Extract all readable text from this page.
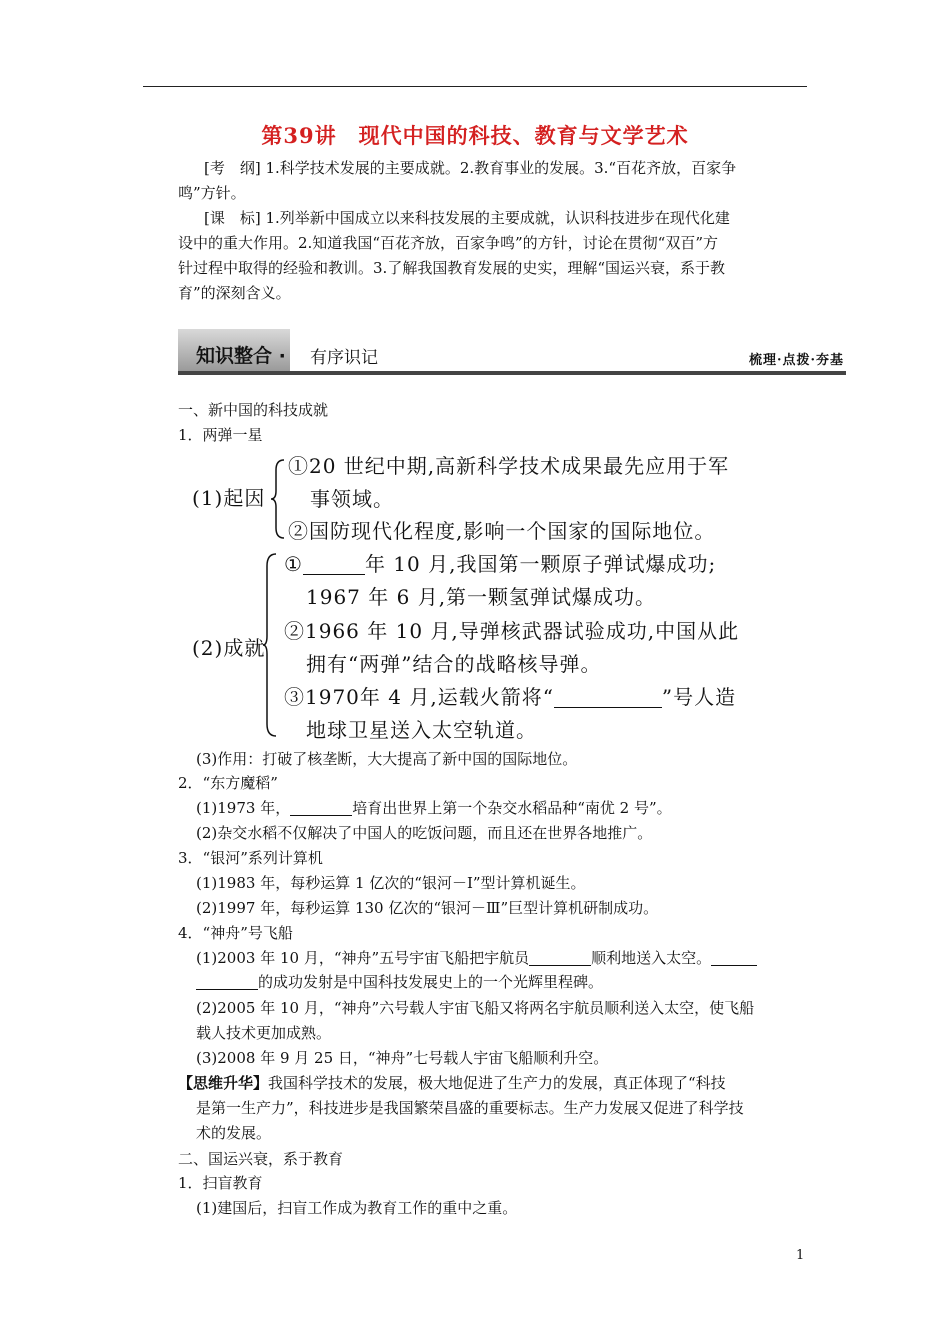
第39讲　现代中国的科技、教育与文学艺术
[考　纲] 1.科学技术发展的主要成就。2.教育事业的发展。3.“百花齐放，百家争
鸣”方针。
[课　标] 1.列举新中国成立以来科技发展的主要成就，认识科技进步在现代化建
设中的重大作用。2.知道我国“百花齐放，百家争鸣”的方针，讨论在贯彻“双百”方
针过程中取得的经验和教训。3.了解我国教育发展的史实，理解“国运兴衰，系于教
育”的深刻含义。
知识整合 · 有序识记	梳理·点拨·夯基
一、新中国的科技成就
1．两弹一星
(1)起因
①20 世纪中期,高新科学技术成果最先应用于军
事领域。
②国防现代化程度,影响一个国家的国际地位。
(2)成就
①	年 10 月,我国第一颗原子弹试爆成功;
1967 年 6 月,第一颗氢弹试爆成功。
②1966 年 10 月,导弹核武器试验成功,中国从此
拥有“两弹”结合的战略核导弹。
③1970年 4 月,运载火箭将“	”号人造
地球卫星送入太空轨道。
(3)作用：打破了核垄断，大大提高了新中国的国际地位。
2．“东方魔稻”
(1)1973 年，	培育出世界上第一个杂交水稻品种“南优 2 号”。
(2)杂交水稻不仅解决了中国人的吃饭问题，而且还在世界各地推广。
3．“银河”系列计算机
(1)1983 年，每秒运算 1 亿次的“银河－Ⅰ”型计算机诞生。
(2)1997 年，每秒运算 130 亿次的“银河－Ⅲ”巨型计算机研制成功。
4．“神舟”号飞船
(1)2003 年 10 月，“神舟”五号宇宙飞船把宇航员	顺利地送入太空。
的成功发射是中国科技发展史上的一个光辉里程碑。
(2)2005 年 10 月，“神舟”六号载人宇宙飞船又将两名宇航员顺利送入太空，使飞船
载人技术更加成熟。
(3)2008 年 9 月 25 日，“神舟”七号载人宇宙飞船顺利升空。
【思维升华】我国科学技术的发展，极大地促进了生产力的发展，真正体现了“科技
是第一生产力”，科技进步是我国繁荣昌盛的重要标志。生产力发展又促进了科学技
术的发展。
二、国运兴衰，系于教育
1．扫盲教育
(1)建国后，扫盲工作成为教育工作的重中之重。
1
